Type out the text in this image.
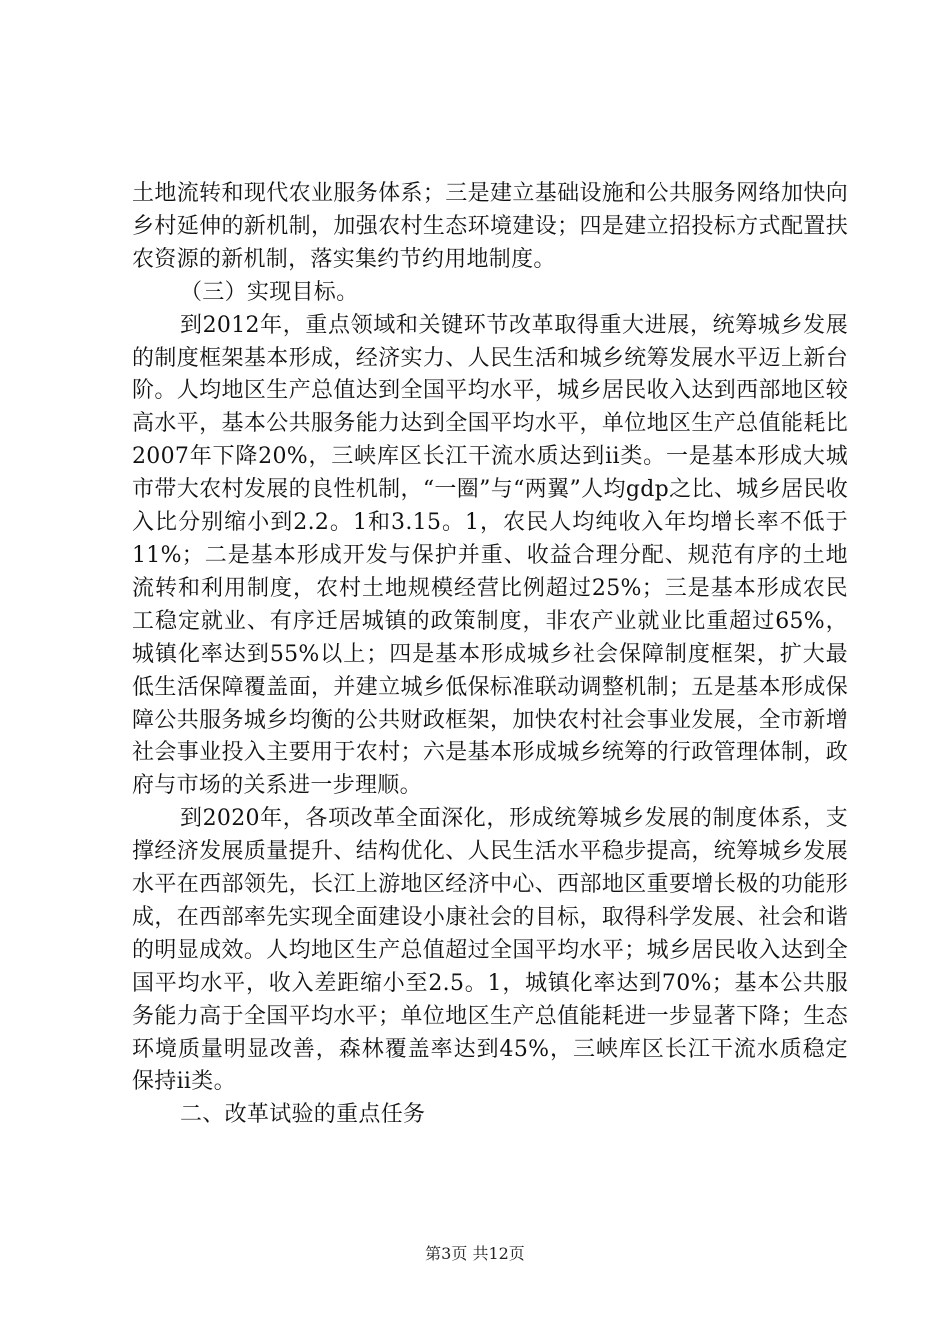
土地流转和现代农业服务体系；三是建立基础设施和公共服务网络加快向乡村延伸的新机制，加强农村生态环境建设；四是建立招投标方式配置扶农资源的新机制，落实集约节约用地制度。

（三）实现目标。

到2012年，重点领域和关键环节改革取得重大进展，统筹城乡发展的制度框架基本形成，经济实力、人民生活和城乡统筹发展水平迈上新台阶。人均地区生产总值达到全国平均水平，城乡居民收入达到西部地区较高水平，基本公共服务能力达到全国平均水平，单位地区生产总值能耗比2007年下降20%，三峡库区长江干流水质达到ii类。一是基本形成大城市带大农村发展的良性机制，“一圈”与“两翼”人均gdp之比、城乡居民收入比分别缩小到2.2。1和3.15。1，农民人均纯收入年均增长率不低于11%；二是基本形成开发与保护并重、收益合理分配、规范有序的土地流转和利用制度，农村土地规模经营比例超过25%；三是基本形成农民工稳定就业、有序迁居城镇的政策制度，非农产业就业比重超过65%，城镇化率达到55%以上；四是基本形成城乡社会保障制度框架，扩大最低生活保障覆盖面，并建立城乡低保标准联动调整机制；五是基本形成保障公共服务城乡均衡的公共财政框架，加快农村社会事业发展，全市新增社会事业投入主要用于农村；六是基本形成城乡统筹的行政管理体制，政府与市场的关系进一步理顺。

到2020年，各项改革全面深化，形成统筹城乡发展的制度体系，支撑经济发展质量提升、结构优化、人民生活水平稳步提高，统筹城乡发展水平在西部领先，长江上游地区经济中心、西部地区重要增长极的功能形成，在西部率先实现全面建设小康社会的目标，取得科学发展、社会和谐的明显成效。人均地区生产总值超过全国平均水平；城乡居民收入达到全国平均水平，收入差距缩小至2.5。1，城镇化率达到70%；基本公共服务能力高于全国平均水平；单位地区生产总值能耗进一步显著下降；生态环境质量明显改善，森林覆盖率达到45%，三峡库区长江干流水质稳定保持ii类。

二、改革试验的重点任务

第3页 共12页
